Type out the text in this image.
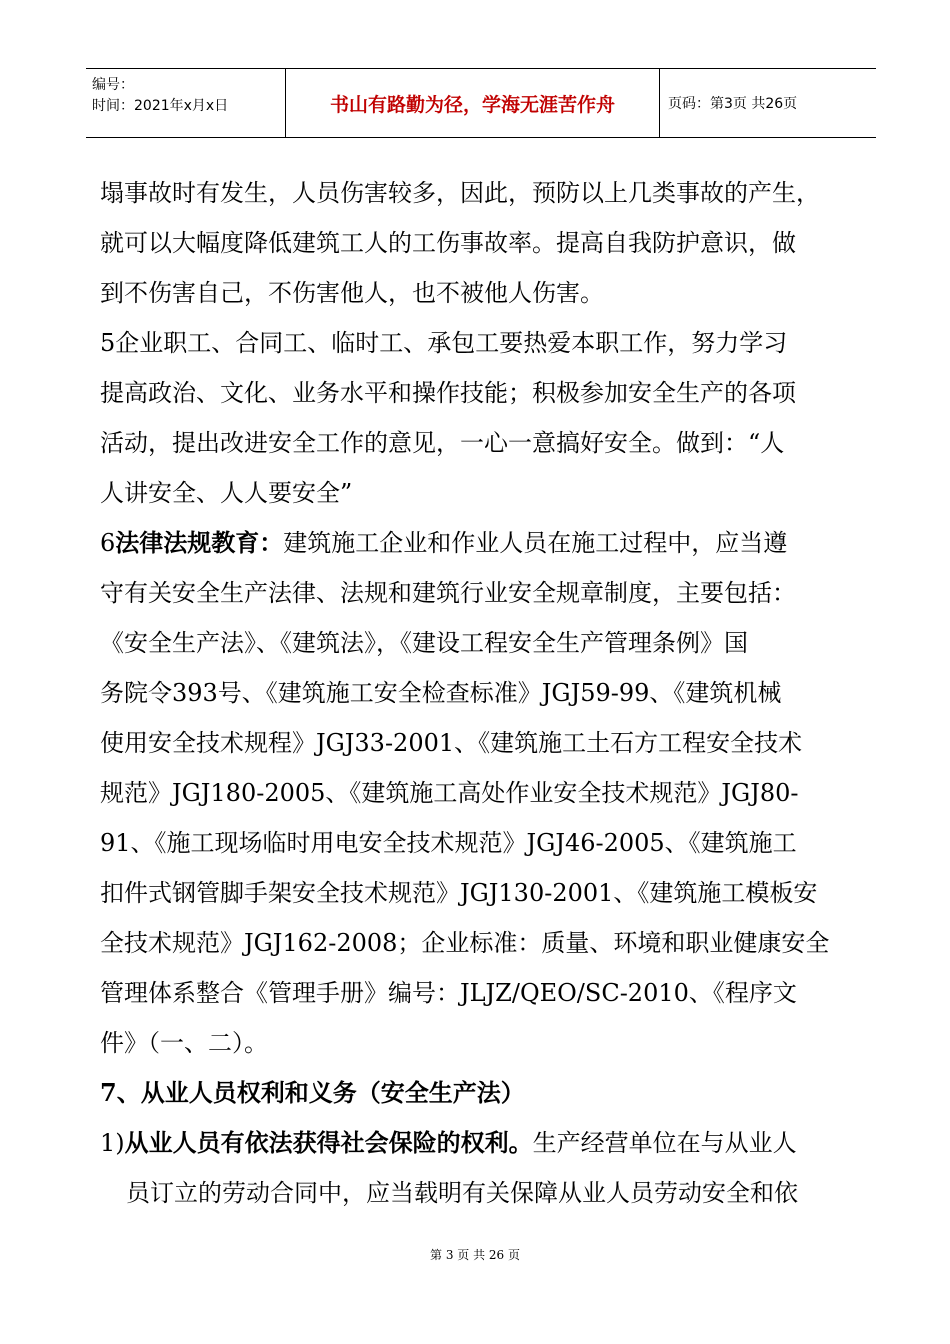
编号：
时间：2021年x月x日	书山有路勤为径，学海无涯苦作舟	页码：第3页 共26页
塌事故时有发生，人员伤害较多，因此，预防以上几类事故的产生，
就可以大幅度降低建筑工人的工伤事故率。提高自我防护意识，做
到不伤害自己，不伤害他人，也不被他人伤害。
5企业职工、合同工、临时工、承包工要热爱本职工作，努力学习
提高政治、文化、业务水平和操作技能；积极参加安全生产的各项
活动，提出改进安全工作的意见，一心一意搞好安全。做到：“人
人讲安全、人人要安全”
6法律法规教育：建筑施工企业和作业人员在施工过程中，应当遵
守有关安全生产法律、法规和建筑行业安全规章制度，主要包括：
《安全生产法》、《建筑法》，《建设工程安全生产管理条例》国
务院令393号、《建筑施工安全检查标准》JGJ59-99、《建筑机械
使用安全技术规程》JGJ33-2001、《建筑施工土石方工程安全技术
规范》JGJ180-2005、《建筑施工高处作业安全技术规范》JGJ80-
91、《施工现场临时用电安全技术规范》JGJ46-2005、《建筑施工
扣件式钢管脚手架安全技术规范》JGJ130-2001、《建筑施工模板安
全技术规范》JGJ162-2008；企业标准：质量、环境和职业健康安全
管理体系整合《管理手册》编号：JLJZ/QEO/SC-2010、《程序文
件》（一、二）。
7、从业人员权利和义务（安全生产法）
1)从业人员有依法获得社会保险的权利。生产经营单位在与从业人
员订立的劳动合同中，应当载明有关保障从业人员劳动安全和依
第 3 页 共 26 页
